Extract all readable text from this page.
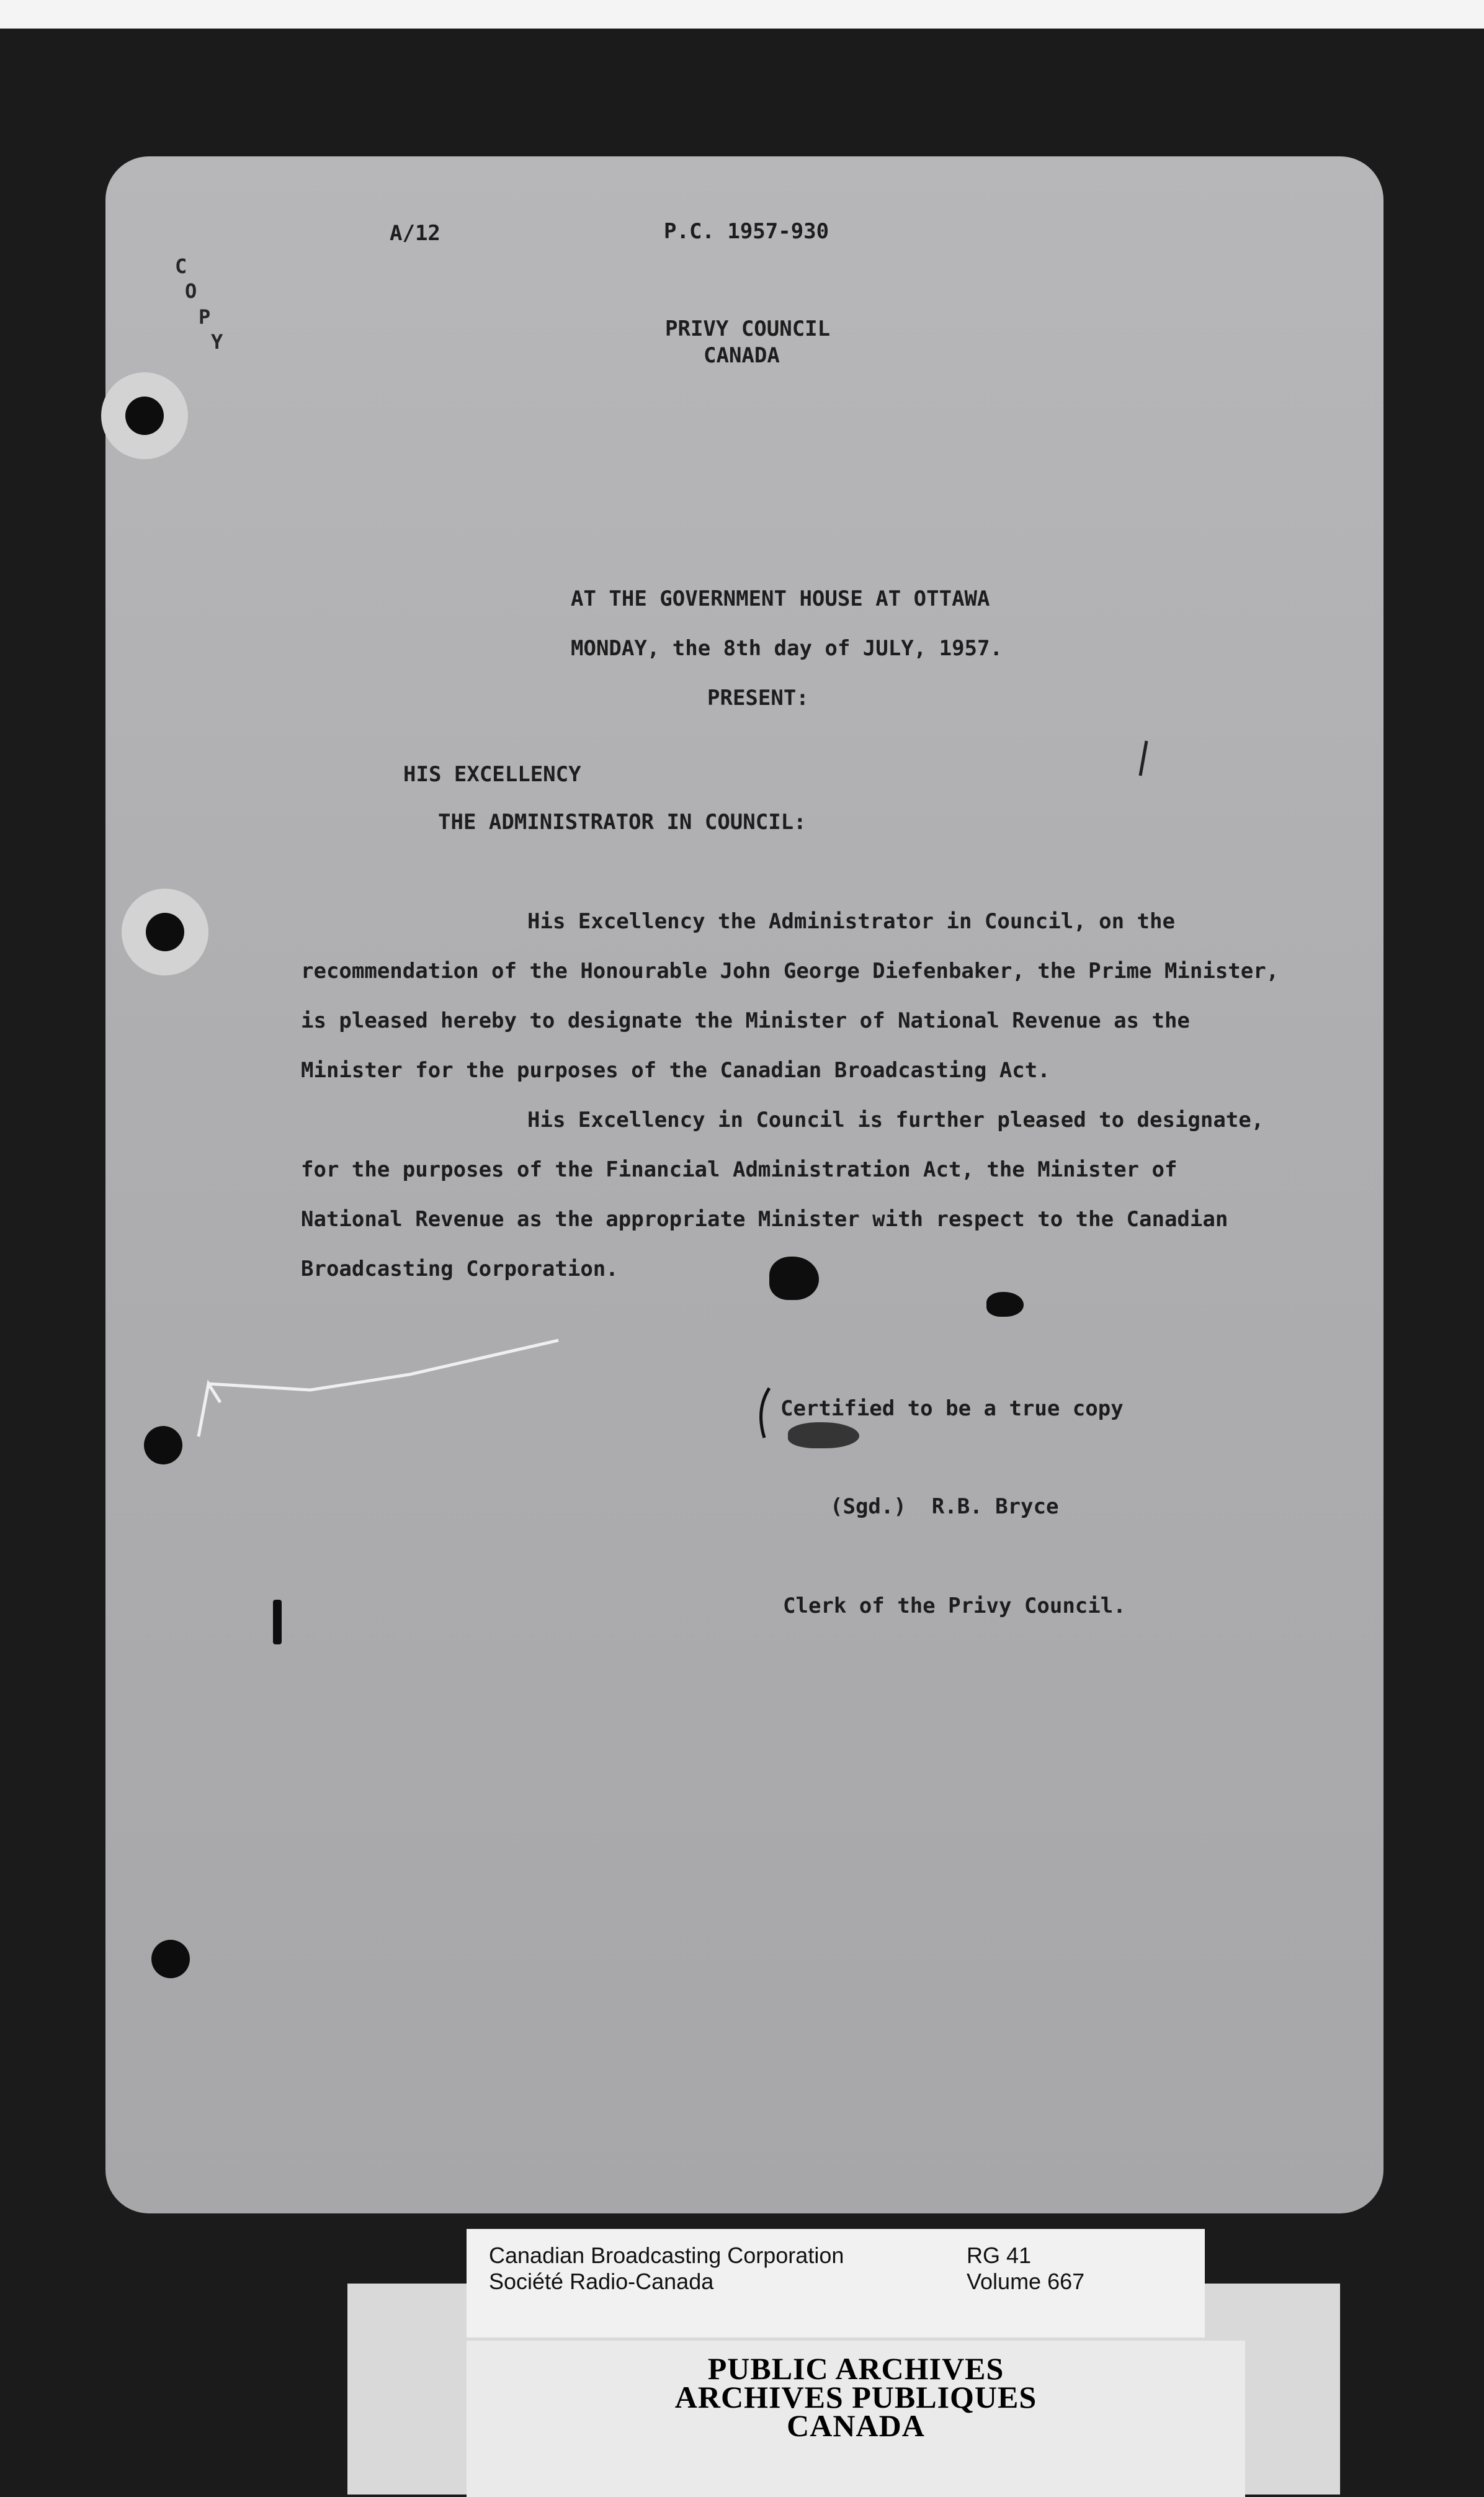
C
O
P
Y
A/12	P.C. 1957-930
PRIVY COUNCIL
CANADA
AT THE GOVERNMENT HOUSE AT OTTAWA
MONDAY, the 8th day of JULY, 1957.
PRESENT:
HIS EXCELLENCY
THE ADMINISTRATOR IN COUNCIL:

His Excellency the Administrator in Council, on the recommendation of the Honourable John George Diefenbaker, the Prime Minister, is pleased hereby to designate the Minister of National Revenue as the Minister for the purposes of the Canadian Broadcasting Act.

His Excellency in Council is further pleased to designate, for the purposes of the Financial Administration Act, the Minister of National Revenue as the appropriate Minister with respect to the Canadian Broadcasting Corporation.

Certified to be a true copy
(Sgd.)  R.B. Bryce
Clerk of the Privy Council.
Canadian Broadcasting Corporation
Société Radio-Canada
RG 41
Volume 667
PUBLIC ARCHIVES
ARCHIVES PUBLIQUES
CANADA
